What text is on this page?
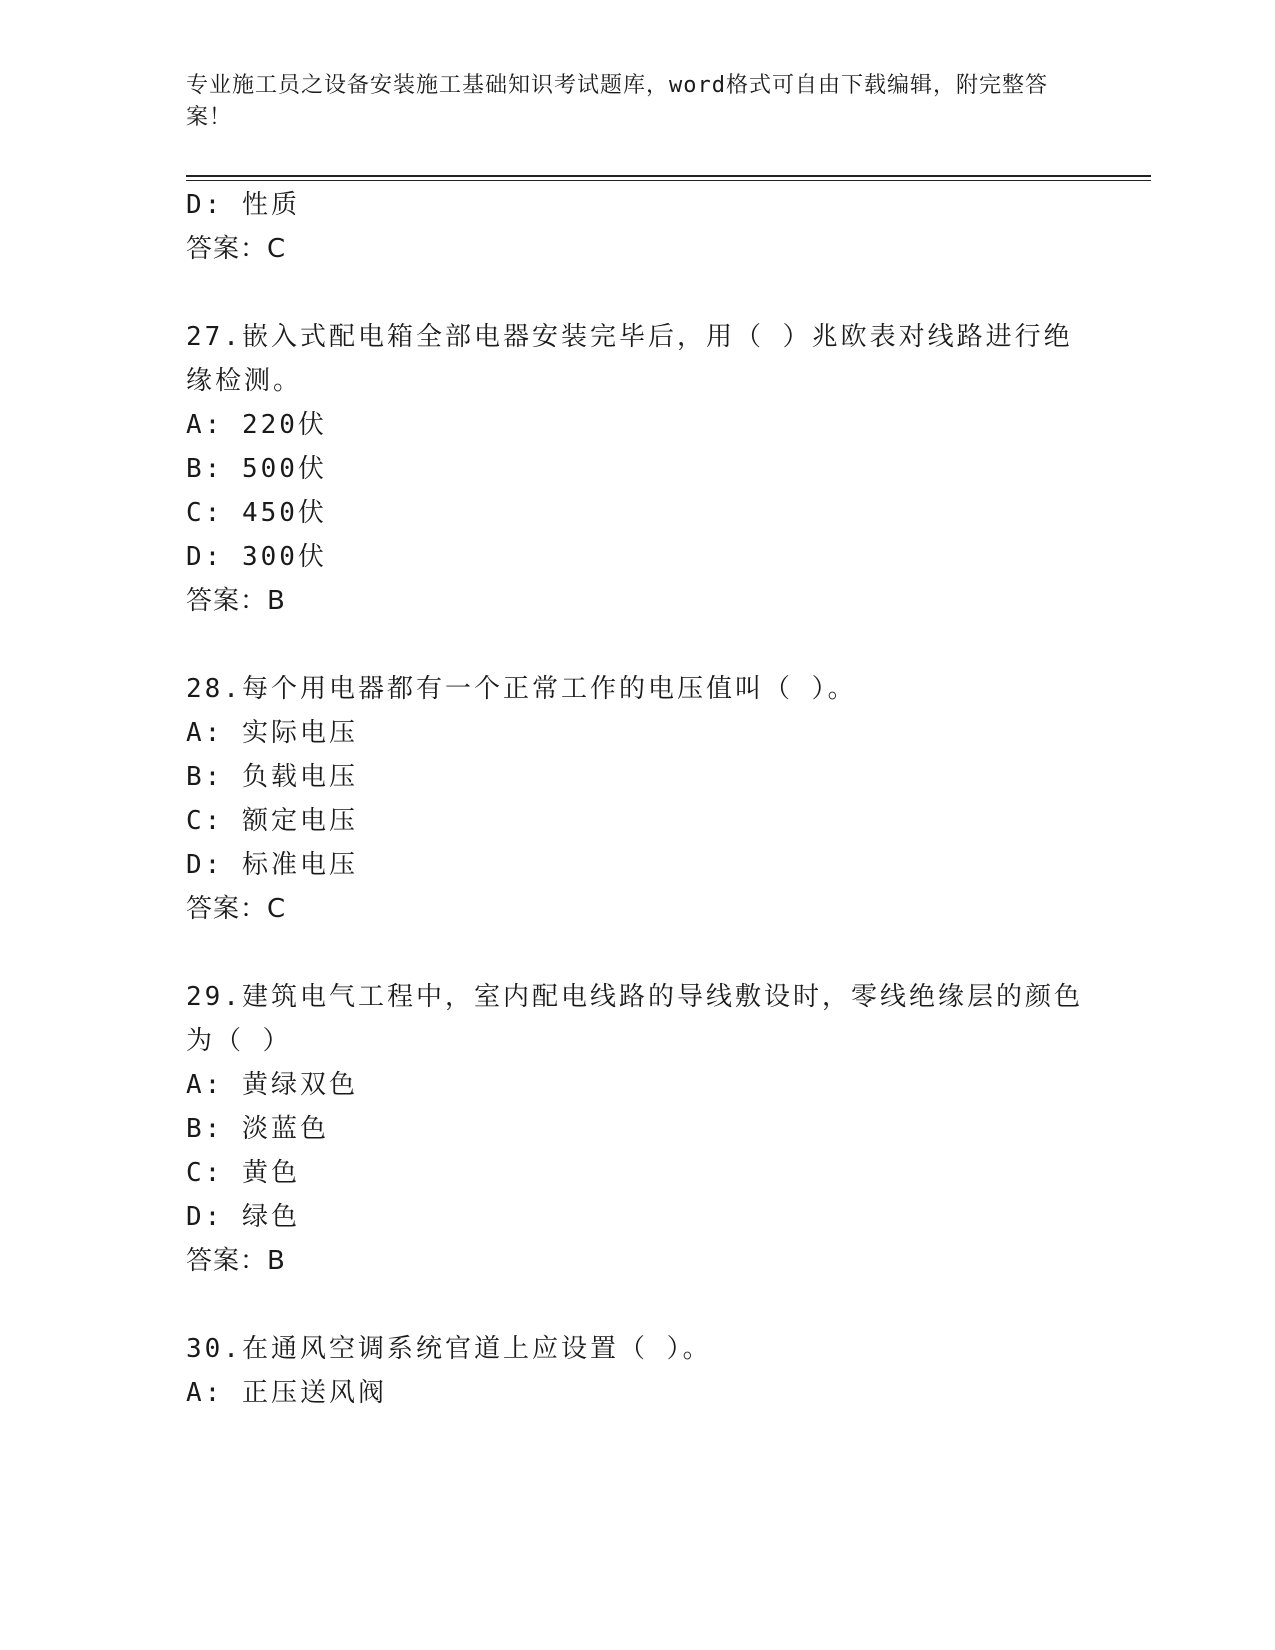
专业施工员之设备安装施工基础知识考试题库，word格式可自由下载编辑，附完整答案！
D: 性质
答案：C
27.嵌入式配电箱全部电器安装完毕后，用（ ）兆欧表对线路进行绝
缘检测。
A: 220伏
B: 500伏
C: 450伏
D: 300伏
答案：B
28.每个用电器都有一个正常工作的电压值叫（ ）。
A: 实际电压
B: 负载电压
C: 额定电压
D: 标准电压
答案：C
29.建筑电气工程中，室内配电线路的导线敷设时，零线绝缘层的颜色
为（ ）
A: 黄绿双色
B: 淡蓝色
C: 黄色
D: 绿色
答案：B
30.在通风空调系统官道上应设置（ ）。
A: 正压送风阀
